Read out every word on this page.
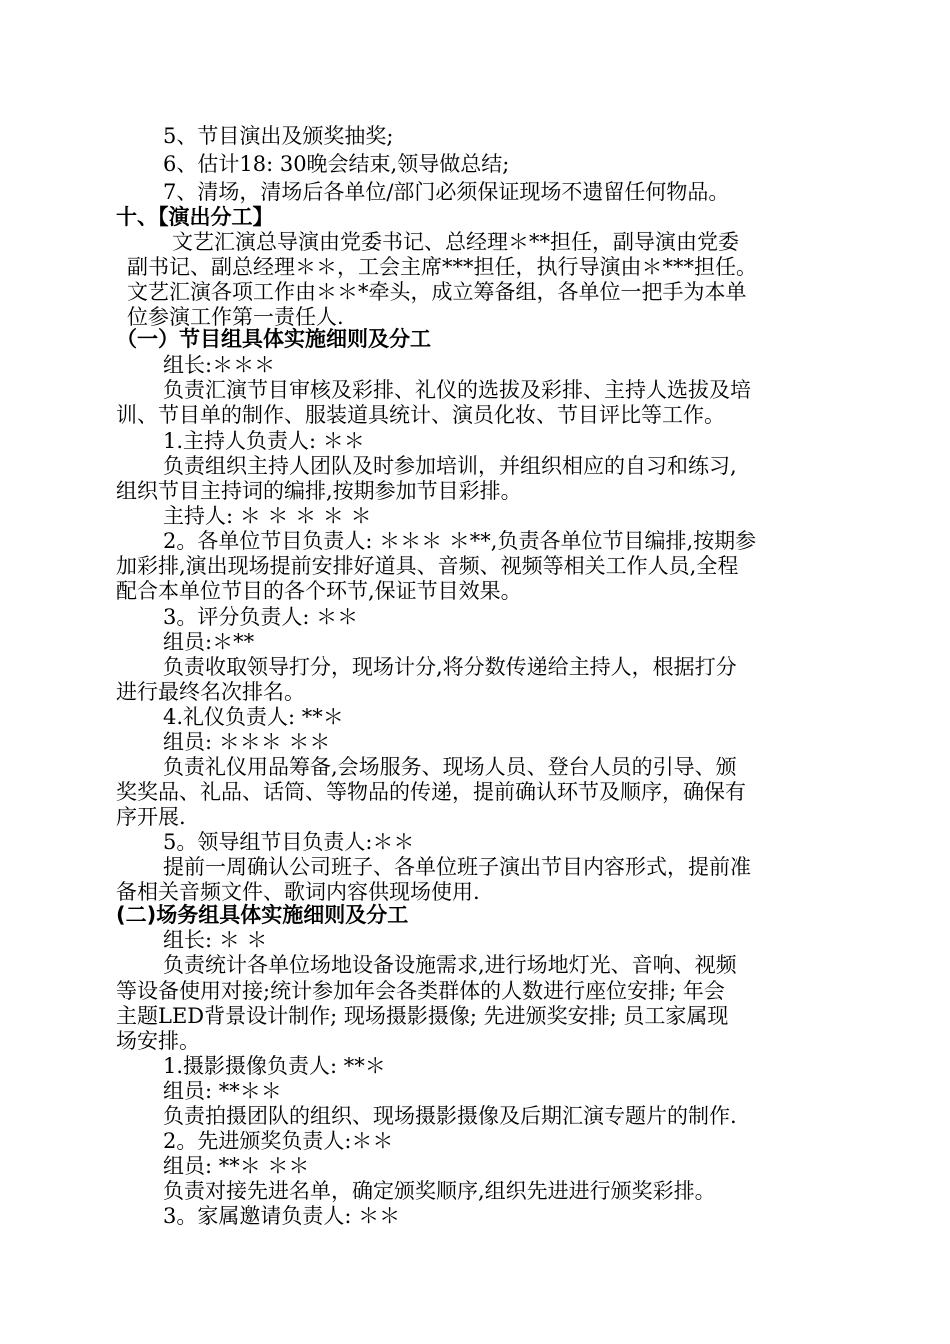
5、节目演出及颁奖抽奖;
6、估计18: 30晚会结束,领导做总结;
7、清场，清场后各单位/部门必须保证现场不遗留任何物品。
十、【演出分工】
文艺汇演总导演由党委书记、总经理＊**担任，副导演由党委
副书记、副总经理＊＊，工会主席***担任，执行导演由＊***担任。
文艺汇演各项工作由＊＊*牵头，成立筹备组，各单位一把手为本单
位参演工作第一责任人.
（一）节目组具体实施细则及分工
组长:＊＊＊
负责汇演节目审核及彩排、礼仪的选拔及彩排、主持人选拔及培
训、节目单的制作、服装道具统计、演员化妆、节目评比等工作。
1.主持人负责人: ＊＊
负责组织主持人团队及时参加培训，并组织相应的自习和练习,
组织节目主持词的编排,按期参加节目彩排。
主持人: ＊ ＊ ＊ ＊ ＊
2。各单位节目负责人: ＊＊＊ ＊**,负责各单位节目编排,按期参
加彩排,演出现场提前安排好道具、音频、视频等相关工作人员,全程
配合本单位节目的各个环节,保证节目效果。
3。评分负责人: ＊＊
组员:＊**
负责收取领导打分，现场计分,将分数传递给主持人，根据打分
进行最终名次排名。
4.礼仪负责人: **＊
组员: ＊＊＊ ＊＊
负责礼仪用品筹备,会场服务、现场人员、登台人员的引导、颁
奖奖品、礼品、话筒、等物品的传递，提前确认环节及顺序，确保有
序开展.
5。领导组节目负责人:＊＊
提前一周确认公司班子、各单位班子演出节目内容形式，提前准
备相关音频文件、歌词内容供现场使用.
(二)场务组具体实施细则及分工
组长: ＊ ＊
负责统计各单位场地设备设施需求,进行场地灯光、音响、视频
等设备使用对接;统计参加年会各类群体的人数进行座位安排; 年会
主题LED背景设计制作; 现场摄影摄像; 先进颁奖安排; 员工家属现
场安排。
1.摄影摄像负责人: **＊
组员: **＊＊
负责拍摄团队的组织、现场摄影摄像及后期汇演专题片的制作.
2。先进颁奖负责人:＊＊
组员: **＊ ＊＊
负责对接先进名单，确定颁奖顺序,组织先进进行颁奖彩排。
3。家属邀请负责人: ＊＊
